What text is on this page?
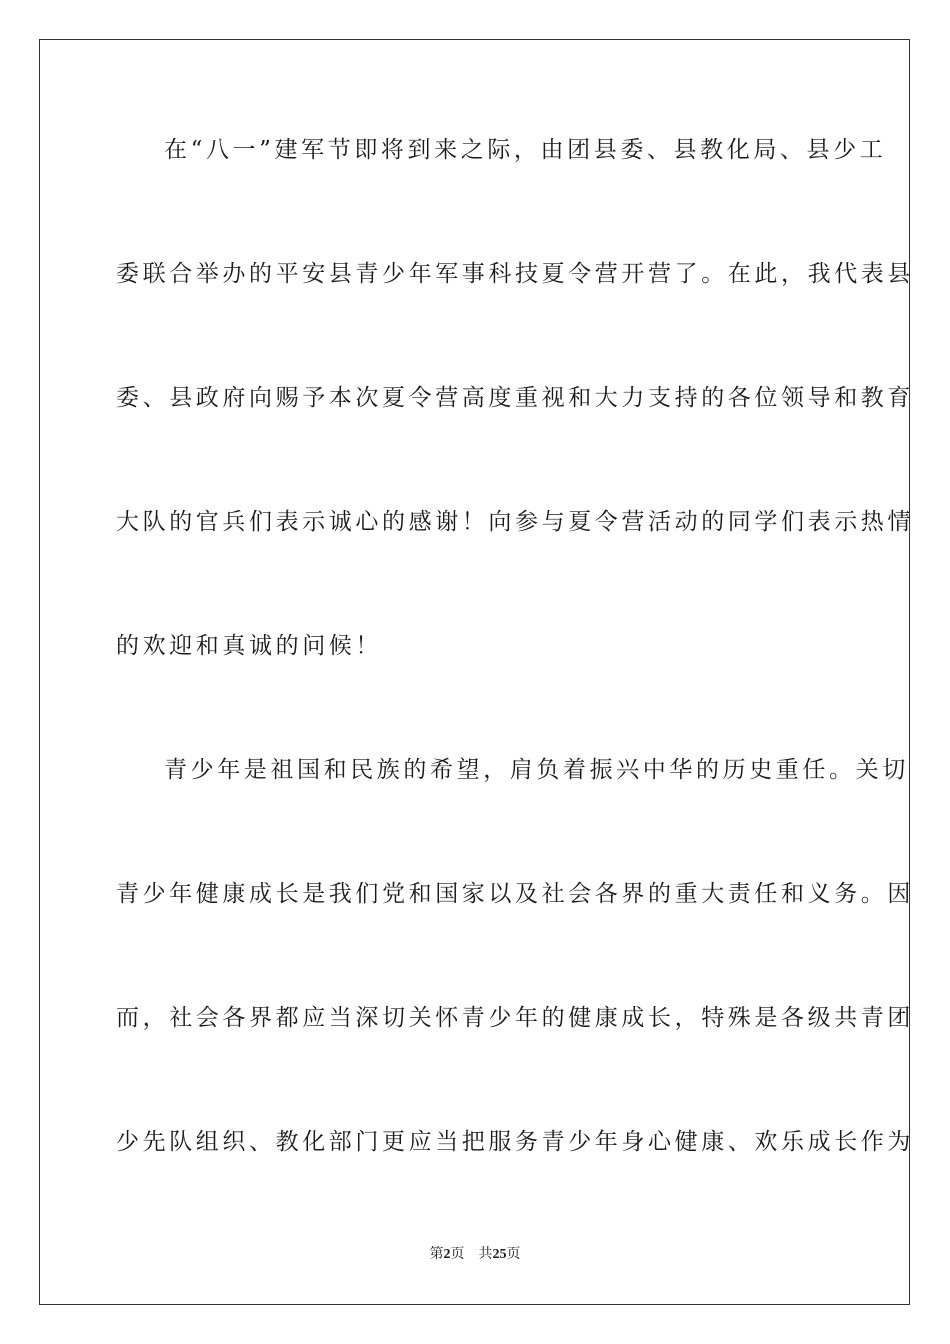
在“八一”建军节即将到来之际，由团县委、县教化局、县少工
委联合举办的平安县青少年军事科技夏令营开营了。在此，我代表县
委、县政府向赐予本次夏令营高度重视和大力支持的各位领导和教育
大队的官兵们表示诚心的感谢！向参与夏令营活动的同学们表示热情
的欢迎和真诚的问候！
青少年是祖国和民族的希望，肩负着振兴中华的历史重任。关切
青少年健康成长是我们党和国家以及社会各界的重大责任和义务。因
而，社会各界都应当深切关怀青少年的健康成长，特殊是各级共青团
少先队组织、教化部门更应当把服务青少年身心健康、欢乐成长作为
第2页 共25页
